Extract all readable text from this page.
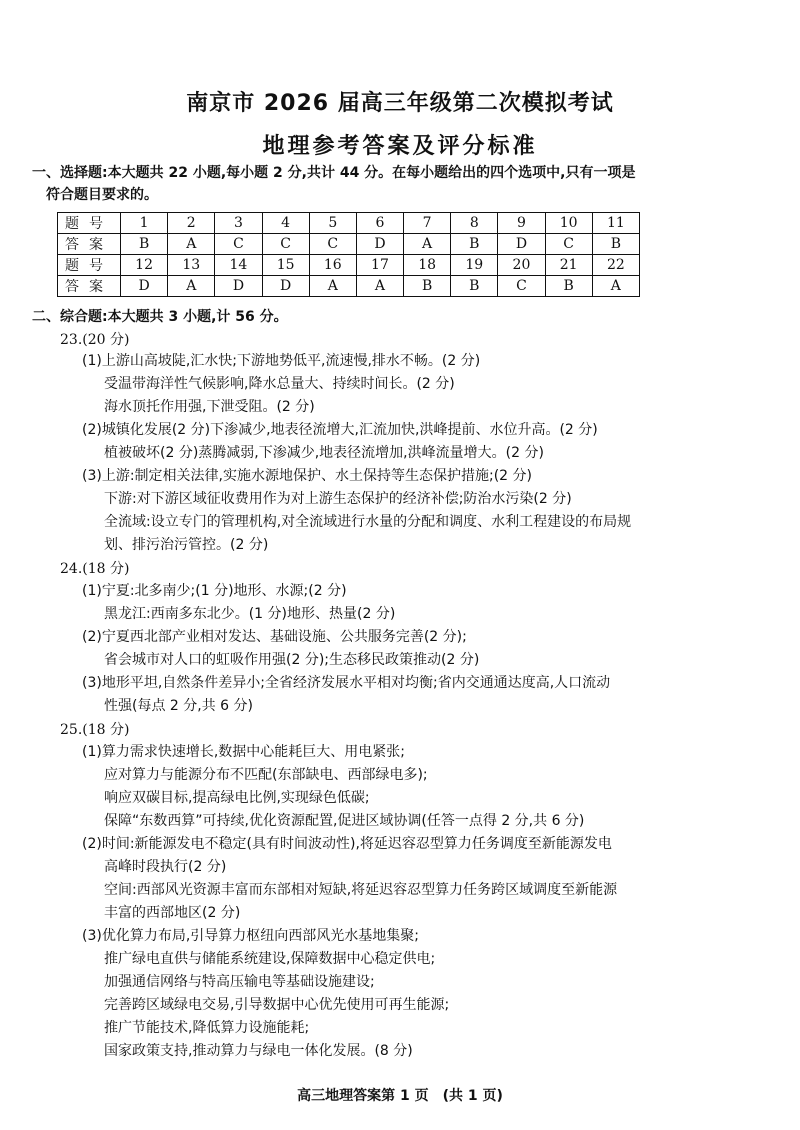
南京市 2026 届高三年级第二次模拟考试
地理参考答案及评分标准
一、选择题:本大题共 22 小题,每小题 2 分,共计 44 分。在每小题给出的四个选项中,只有一项是
符合题目要求的。
题号	1	2	3	4	5	6	7	8	9	10	11
答案	B	A	C	C	C	D	A	B	D	C	B
题号	12	13	14	15	16	17	18	19	20	21	22
答案	D	A	D	D	A	A	B	B	C	B	A
二、综合题:本大题共 3 小题,计 56 分。
23.(20 分)
(1)上游山高坡陡,汇水快;下游地势低平,流速慢,排水不畅。(2 分)
受温带海洋性气候影响,降水总量大、持续时间长。(2 分)
海水顶托作用强,下泄受阻。(2 分)
(2)城镇化发展(2 分)下渗减少,地表径流增大,汇流加快,洪峰提前、水位升高。(2 分)
植被破坏(2 分)蒸腾减弱,下渗减少,地表径流增加,洪峰流量增大。(2 分)
(3)上游:制定相关法律,实施水源地保护、水土保持等生态保护措施;(2 分)
下游:对下游区域征收费用作为对上游生态保护的经济补偿;防治水污染(2 分)
全流域:设立专门的管理机构,对全流域进行水量的分配和调度、水利工程建设的布局规
划、排污治污管控。(2 分)
24.(18 分)
(1)宁夏:北多南少;(1 分)地形、水源;(2 分)
黑龙江:西南多东北少。(1 分)地形、热量(2 分)
(2)宁夏西北部产业相对发达、基础设施、公共服务完善(2 分);
省会城市对人口的虹吸作用强(2 分);生态移民政策推动(2 分)
(3)地形平坦,自然条件差异小;全省经济发展水平相对均衡;省内交通通达度高,人口流动
性强(每点 2 分,共 6 分)
25.(18 分)
(1)算力需求快速增长,数据中心能耗巨大、用电紧张;
应对算力与能源分布不匹配(东部缺电、西部绿电多);
响应双碳目标,提高绿电比例,实现绿色低碳;
保障“东数西算”可持续,优化资源配置,促进区域协调(任答一点得 2 分,共 6 分)
(2)时间:新能源发电不稳定(具有时间波动性),将延迟容忍型算力任务调度至新能源发电
高峰时段执行(2 分)
空间:西部风光资源丰富而东部相对短缺,将延迟容忍型算力任务跨区域调度至新能源
丰富的西部地区(2 分)
(3)优化算力布局,引导算力枢纽向西部风光水基地集聚;
推广绿电直供与储能系统建设,保障数据中心稳定供电;
加强通信网络与特高压输电等基础设施建设;
完善跨区域绿电交易,引导数据中心优先使用可再生能源;
推广节能技术,降低算力设施能耗;
国家政策支持,推动算力与绿电一体化发展。(8 分)
高三地理答案第 1 页　(共 1 页)
